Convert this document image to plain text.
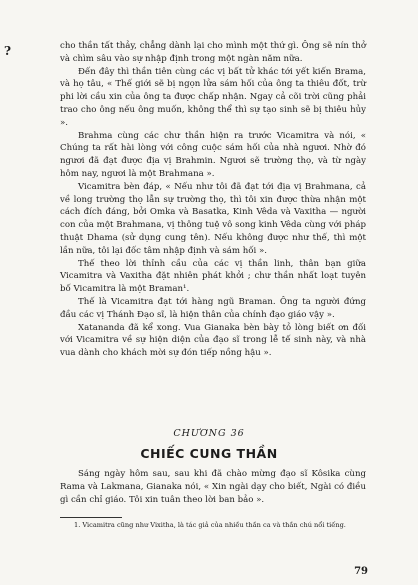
?	cho thần tất thảy, chẳng dành lại cho mình một thứ gì. Ông sẽ nín thở và chìm sâu vào sự nhập định trong một ngàn năm nữa.

Đến đây thì thần tiên cùng các vị bất tử khác tới yết kiến Brama, và họ tâu, « Thế giới sẽ bị ngọn lửa sám hối của ông ta thiêu đốt, trừ phi lời cầu xin của ông ta được chấp nhận. Ngay cả cõi trời cũng phải trao cho ông nếu ông muốn, không thể thì sự tạo sinh sẽ bị thiêu hủy ».

Brahma cùng các chư thần hiện ra trước Vicamitra và nói, « Chúng ta rất hài lòng với công cuộc sám hối của nhà ngươi. Nhờ đó ngươi đã đạt được địa vị Brahmin. Ngươi sẽ trường thọ, và từ ngày hôm nay, ngươi là một Brahmana ».

Vicamitra bèn đáp, « Nếu như tôi đã đạt tới địa vị Brahmana, cả về long trường thọ lẫn sự trường thọ, thì tôi xin được thừa nhận một cách đích đáng, bởi Omka và Basatka, Kinh Vêda và Vaxitha — người con của một Brahmana, vị thông tuệ vô song kinh Vêda cùng với pháp thuật Dhama (sử dụng cung tên). Nếu không được như thế, thì một lần nữa, tôi lại đốc tâm nhập định và sám hối ».

Thế theo lời thỉnh cầu của các vị thần linh, thân bạn giữa Vicamitra và Vaxitha đặt nhiên phát khởi ; chư thần nhất loạt tuyên bố Vicamitra là một Braman¹.

Thế là Vicamitra đạt tới hàng ngũ Braman. Ông ta người đứng đầu các vị Thánh Đạo sĩ, là hiện thân của chính đạo giáo vậy ».

Xatananda đã kể xong. Vua Gianaka bèn bày tỏ lòng biết ơn đối với Vicamitra về sự hiện diện của đạo sĩ trong lễ tế sinh này, và nhà vua dành cho khách mời sự đón tiếp nồng hậu ».

CHƯƠNG 36
CHIẾC CUNG THẦN

Sáng ngày hôm sau, sau khi đã chào mừng đạo sĩ Kôsika cùng Rama và Lakmana, Gianaka nói, « Xin ngài dạy cho biết, Ngài có điều gì cần chỉ giáo. Tôi xin tuân theo lời ban bảo ».

1. Vicamitra cũng như Vixitha, là tác giả của nhiều thần ca và thần chú nổi tiếng.
79
